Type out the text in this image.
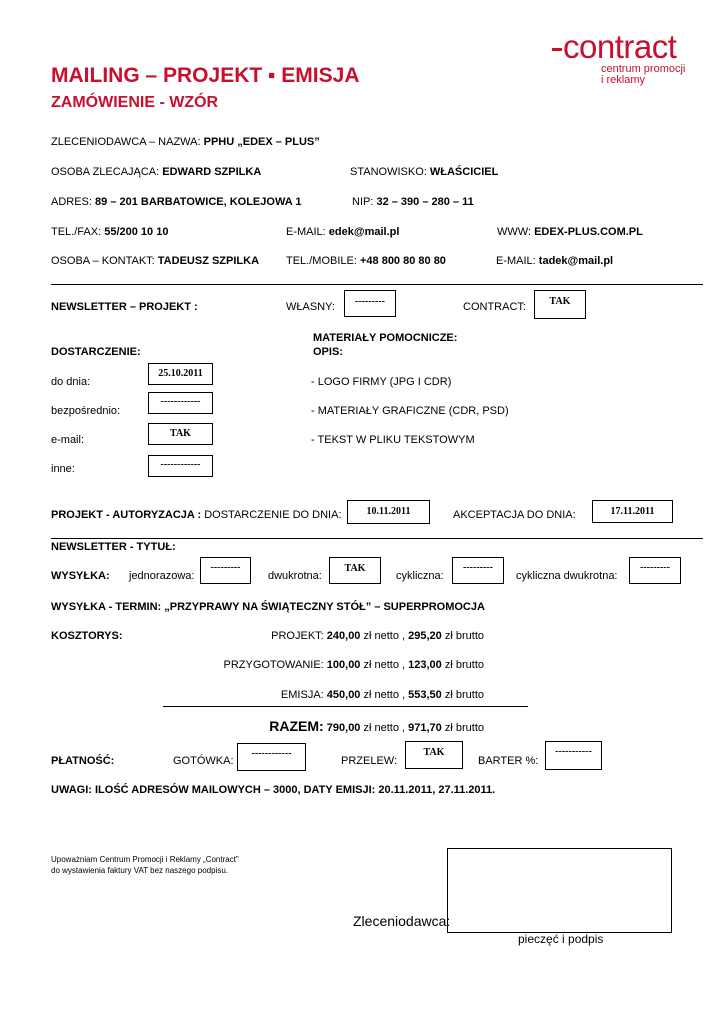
contract
centrum promocji
i reklamy
MAILING – PROJEKT ▪ EMISJA
ZAMÓWIENIE - WZÓR
ZLECENIODAWCA – NAZWA: PPHU „EDEX – PLUS”
OSOBA ZLECAJĄCA: EDWARD SZPILKA	STANOWISKO: WŁAŚCICIEL
ADRES: 89 – 201 BARBATOWICE, KOLEJOWA 1	NIP: 32 – 390 – 280 – 11
TEL./FAX: 55/200 10 10	E-MAIL: edek@mail.pl	WWW: EDEX-PLUS.COM.PL
OSOBA – KONTAKT: TADEUSZ SZPILKA TEL./MOBILE: +48 800 80 80 80	E-MAIL: tadek@mail.pl
NEWSLETTER – PROJEKT :	WŁASNY:	---------	CONTRACT:	TAK
MATERIAŁY POMOCNICZE:
OPIS:
- LOGO FIRMY (JPG I CDR)
- MATERIAŁY GRAFICZNE (CDR, PSD)
- TEKST W PLIKU TEKSTOWYM
DOSTARCZENIE:
do dnia:
25.10.2011
bezpośrednio:
------------
e-mail:
TAK
inne:	------------
PROJEKT - AUTORYZACJA : DOSTARCZENIE DO DNIA:	10.11.2011	AKCEPTACJA DO DNIA:	17.11.2011
NEWSLETTER - TYTUŁ:
WYSYŁKA: jednorazowa:
---------
dwukrotna:
TAK
cykliczna:
---------
cykliczna dwukrotna:
---------
WYSYŁKA - TERMIN: „PRZYPRAWY NA ŚWIĄTECZNY STÓŁ” – SUPERPROMOCJA
KOSZTORYS:	PROJEKT: 240,00 zł netto , 295,20 zł brutto
PRZYGOTOWANIE: 100,00 zł netto , 123,00 zł brutto
EMISJA: 450,00 zł netto , 553,50 zł brutto
RAZEM: 790,00 zł netto , 971,70 zł brutto
PŁATNOŚĆ:	GOTÓWKA:
------------
PRZELEW:
TAK
BARTER %:
-----------
UWAGI: ILOŚĆ ADRESÓW MAILOWYCH – 3000, DATY EMISJI: 20.11.2011, 27.11.2011.
Upoważniam Centrum Promocji i Reklamy „Contract”
do wystawienia faktury VAT bez naszego podpisu.
Zleceniodawca:
pieczęć i podpis
